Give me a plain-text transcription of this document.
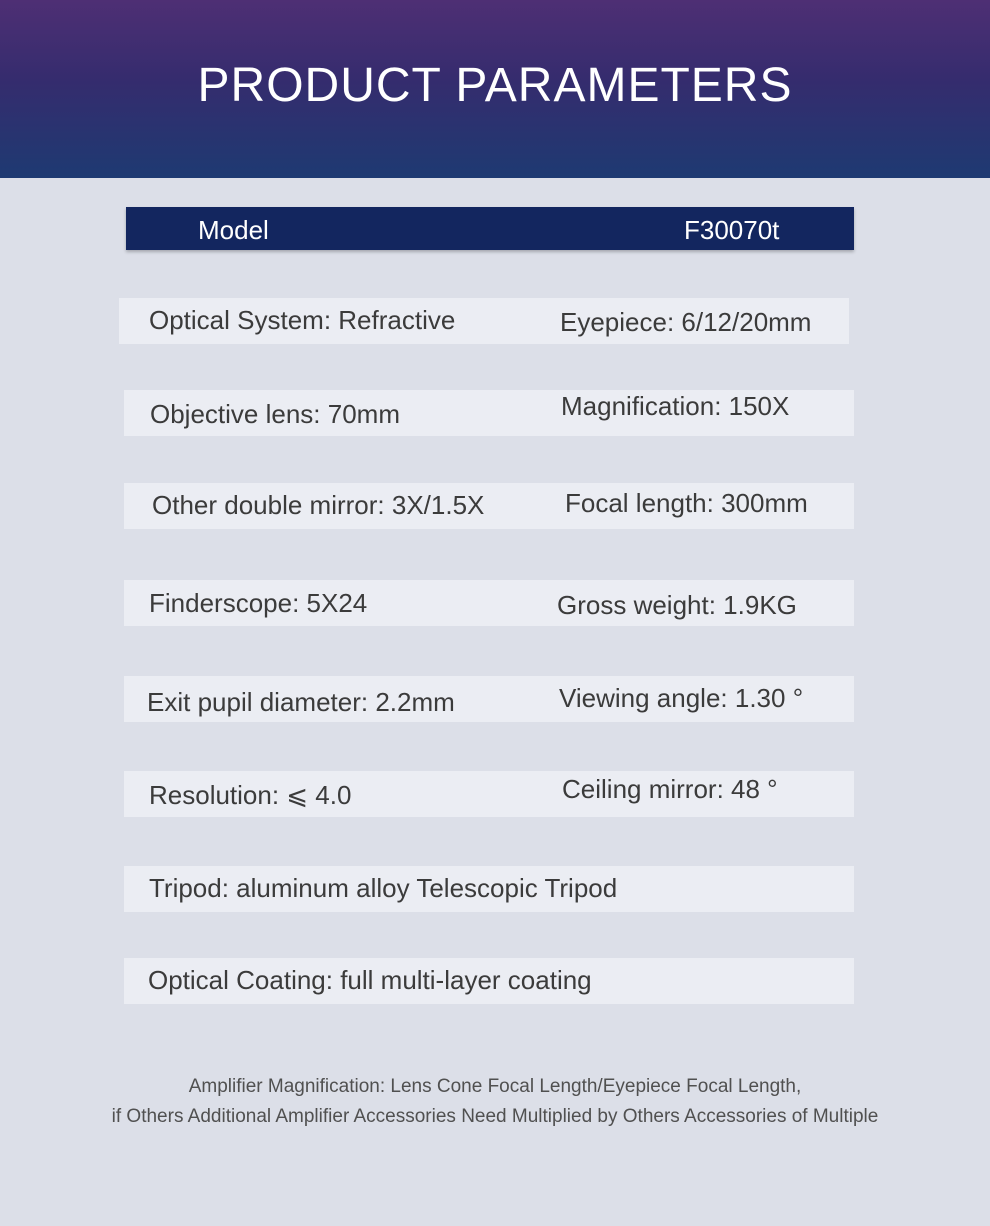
PRODUCT PARAMETERS
Model	F30070t
Optical System: Refractive	Eyepiece: 6/12/20mm
Objective lens: 70mm	Magnification: 150X
Other double mirror: 3X/1.5X	Focal length: 300mm
Finderscope: 5X24	Gross weight: 1.9KG
Exit pupil diameter: 2.2mm	Viewing angle: 1.30 °
Resolution: ⩽ 4.0	Ceiling mirror: 48 °
Tripod: aluminum alloy Telescopic Tripod
Optical Coating: full multi-layer coating
Amplifier Magnification: Lens Cone Focal Length/Eyepiece Focal Length,
if Others Additional Amplifier Accessories Need Multiplied by Others Accessories of Multiple
